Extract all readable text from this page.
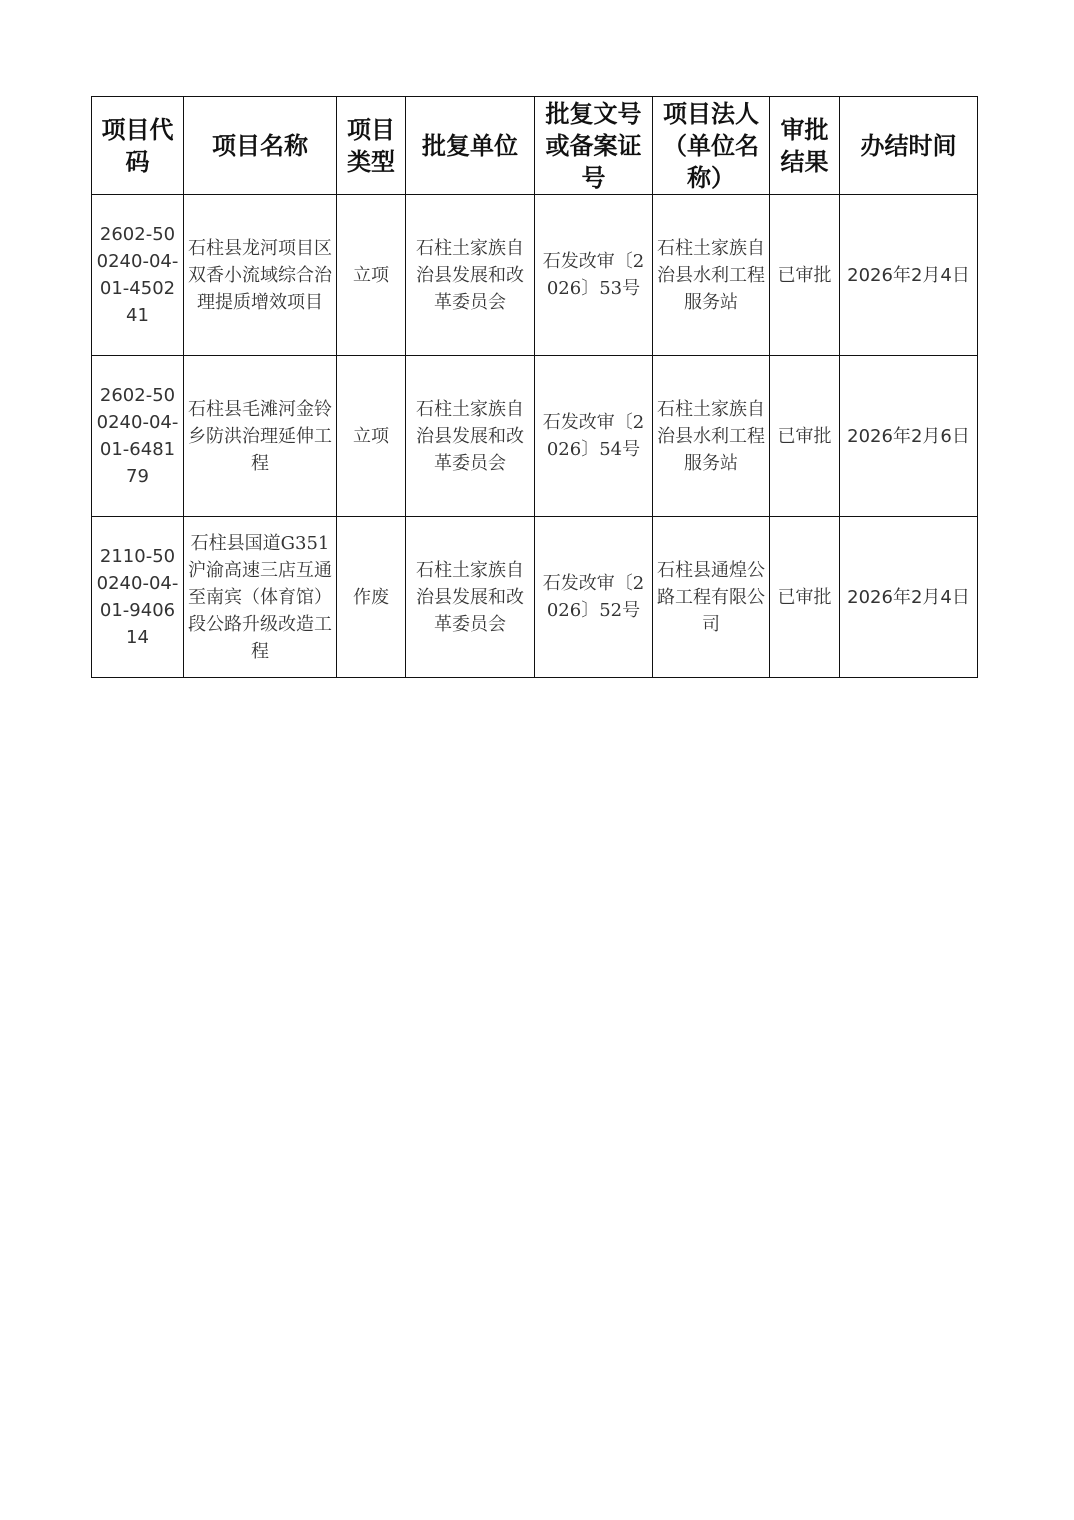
项目代码	项目名称	项目类型	批复单位	批复文号或备案证号	项目法人（单位名称）	审批结果	办结时间
2602-500240-04-01-450241	石柱县龙河项目区双香小流域综合治理提质增效项目	立项	石柱土家族自治县发展和改革委员会	石发改审〔2026〕53号	石柱土家族自治县水利工程服务站	已审批	2026年2月4日
2602-500240-04-01-648179	石柱县毛滩河金铃乡防洪治理延伸工程	立项	石柱土家族自治县发展和改革委员会	石发改审〔2026〕54号	石柱土家族自治县水利工程服务站	已审批	2026年2月6日
2110-500240-04-01-940614	石柱县国道G351沪渝高速三店互通至南宾（体育馆）段公路升级改造工程	作废	石柱土家族自治县发展和改革委员会	石发改审〔2026〕52号	石柱县通煌公路工程有限公司	已审批	2026年2月4日
